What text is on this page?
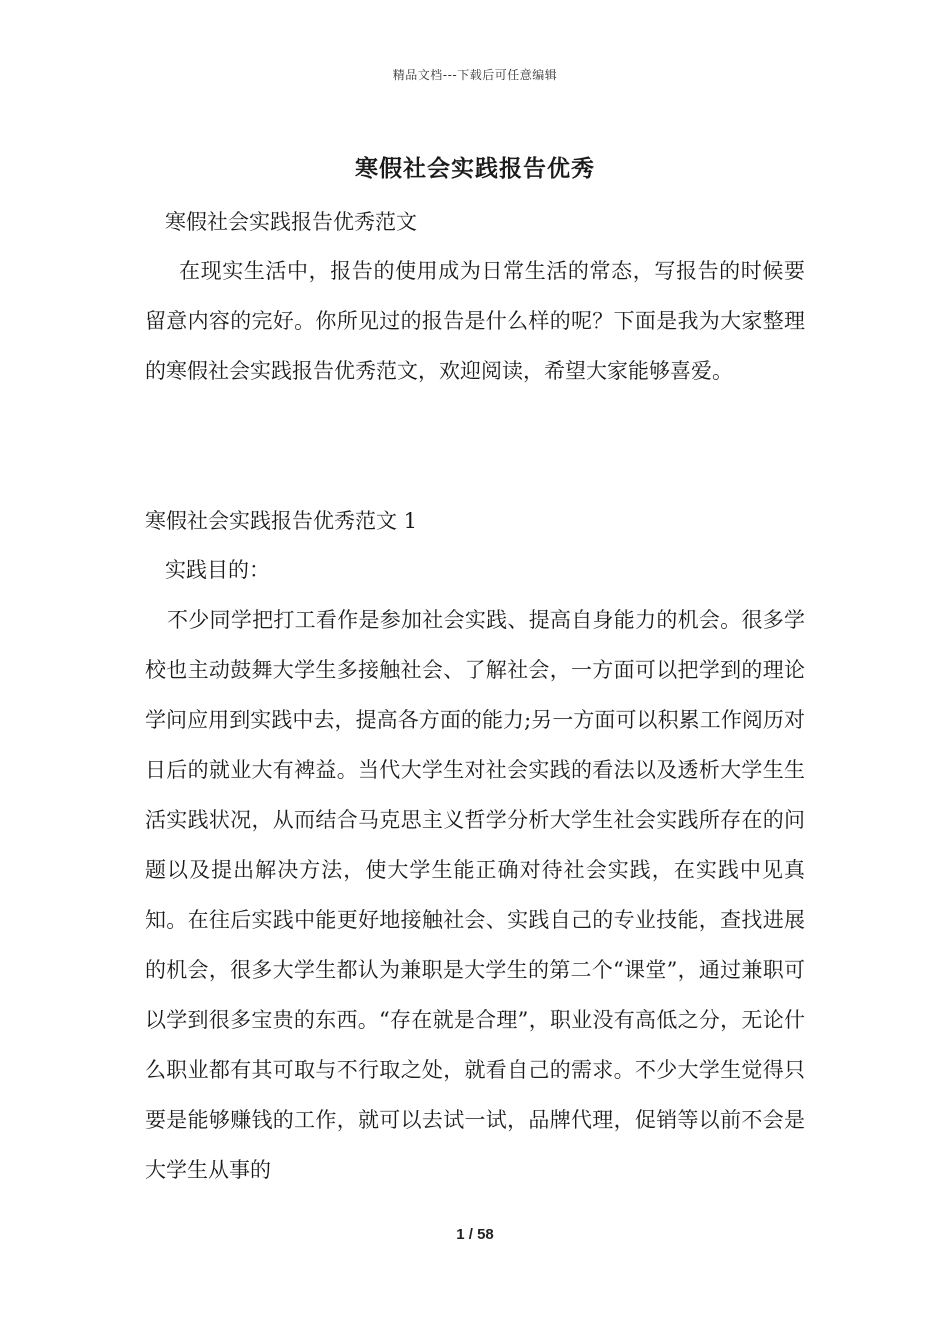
精品文档---下载后可任意编辑
寒假社会实践报告优秀
寒假社会实践报告优秀范文
在现实生活中，报告的使用成为日常生活的常态，写报告的时候要留意内容的完好。你所见过的报告是什么样的呢？下面是我为大家整理的寒假社会实践报告优秀范文，欢迎阅读，希望大家能够喜爱。
寒假社会实践报告优秀范文 1
实践目的：
不少同学把打工看作是参加社会实践、提高自身能力的机会。很多学校也主动鼓舞大学生多接触社会、了解社会，一方面可以把学到的理论学问应用到实践中去，提高各方面的能力;另一方面可以积累工作阅历对日后的就业大有裨益。当代大学生对社会实践的看法以及透析大学生生活实践状况，从而结合马克思主义哲学分析大学生社会实践所存在的问题以及提出解决方法，使大学生能正确对待社会实践，在实践中见真知。在往后实践中能更好地接触社会、实践自己的专业技能，查找进展的机会，很多大学生都认为兼职是大学生的第二个“课堂”，通过兼职可以学到很多宝贵的东西。“存在就是合理”，职业没有高低之分，无论什么职业都有其可取与不行取之处，就看自己的需求。不少大学生觉得只要是能够赚钱的工作，就可以去试一试，品牌代理，促销等以前不会是大学生从事的
1 / 58
